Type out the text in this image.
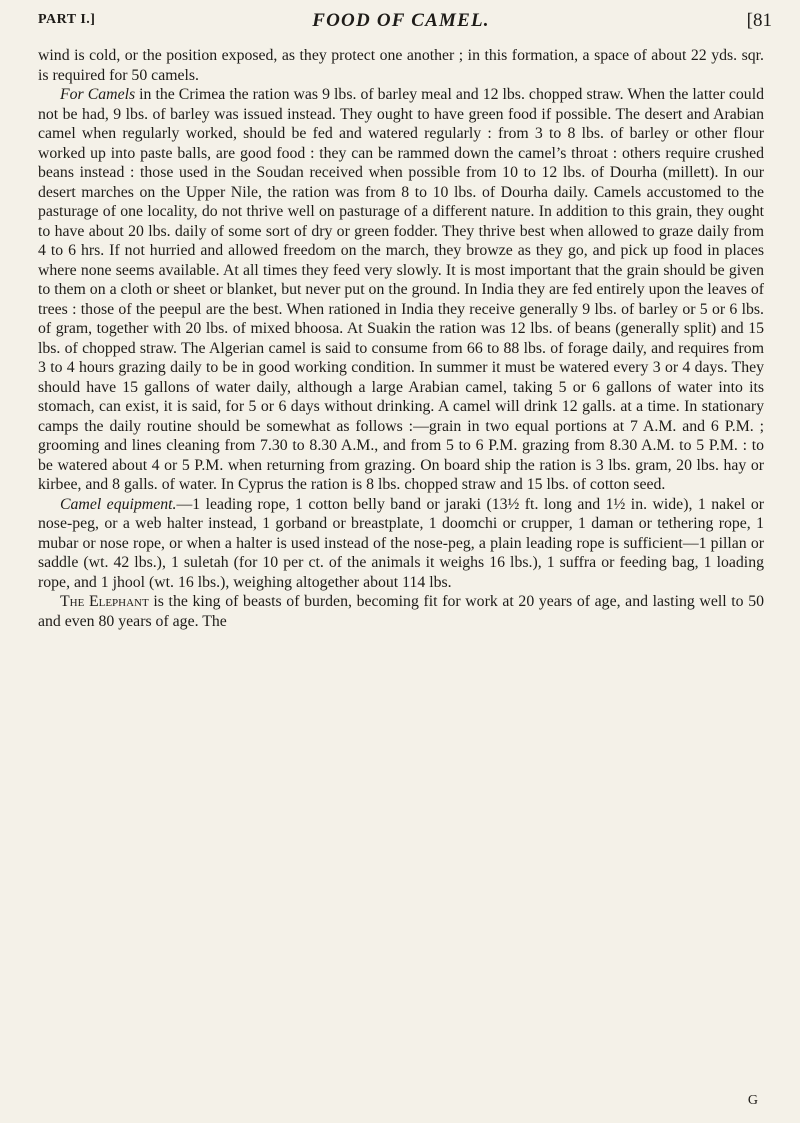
PART I.]	FOOD OF CAMEL.	[81

wind is cold, or the position exposed, as they protect one another ; in this formation, a space of about 22 yds. sqr. is required for 50 camels.

For Camels in the Crimea the ration was 9 lbs. of barley meal and 12 lbs. chopped straw. When the latter could not be had, 9 lbs. of barley was issued instead. They ought to have green food if possible. The desert and Arabian camel when regularly worked, should be fed and watered regularly : from 3 to 8 lbs. of barley or other flour worked up into paste balls, are good food : they can be rammed down the camel’s throat : others require crushed beans instead : those used in the Soudan received when possible from 10 to 12 lbs. of Dourha (millett). In our desert marches on the Upper Nile, the ration was from 8 to 10 lbs. of Dourha daily. Camels accustomed to the pasturage of one locality, do not thrive well on pasturage of a different nature. In addition to this grain, they ought to have about 20 lbs. daily of some sort of dry or green fodder. They thrive best when allowed to graze daily from 4 to 6 hrs. If not hurried and allowed freedom on the march, they browze as they go, and pick up food in places where none seems available. At all times they feed very slowly. It is most important that the grain should be given to them on a cloth or sheet or blanket, but never put on the ground. In India they are fed entirely upon the leaves of trees : those of the peepul are the best. When rationed in India they receive generally 9 lbs. of barley or 5 or 6 lbs. of gram, together with 20 lbs. of mixed bhoosa. At Suakin the ration was 12 lbs. of beans (generally split) and 15 lbs. of chopped straw. The Algerian camel is said to consume from 66 to 88 lbs. of forage daily, and requires from 3 to 4 hours grazing daily to be in good working condition. In summer it must be watered every 3 or 4 days. They should have 15 gallons of water daily, although a large Arabian camel, taking 5 or 6 gallons of water into its stomach, can exist, it is said, for 5 or 6 days without drinking. A camel will drink 12 galls. at a time. In stationary camps the daily routine should be somewhat as follows :—grain in two equal portions at 7 A.M. and 6 P.M. ; grooming and lines cleaning from 7.30 to 8.30 A.M., and from 5 to 6 P.M. grazing from 8.30 A.M. to 5 P.M. : to be watered about 4 or 5 P.M. when returning from grazing. On board ship the ration is 3 lbs. gram, 20 lbs. hay or kirbee, and 8 galls. of water. In Cyprus the ration is 8 lbs. chopped straw and 15 lbs. of cotton seed.

Camel equipment.—1 leading rope, 1 cotton belly band or jaraki (13½ ft. long and 1½ in. wide), 1 nakel or nose-peg, or a web halter instead, 1 gorband or breastplate, 1 doomchi or crupper, 1 daman or tethering rope, 1 mubar or nose rope, or when a halter is used instead of the nose-peg, a plain leading rope is sufficient—1 pillan or saddle (wt. 42 lbs.), 1 suletah (for 10 per ct. of the animals it weighs 16 lbs.), 1 suffra or feeding bag, 1 loading rope, and 1 jhool (wt. 16 lbs.), weighing altogether about 114 lbs.

The Elephant is the king of beasts of burden, becoming fit for work at 20 years of age, and lasting well to 50 and even 80 years of age. The

G
